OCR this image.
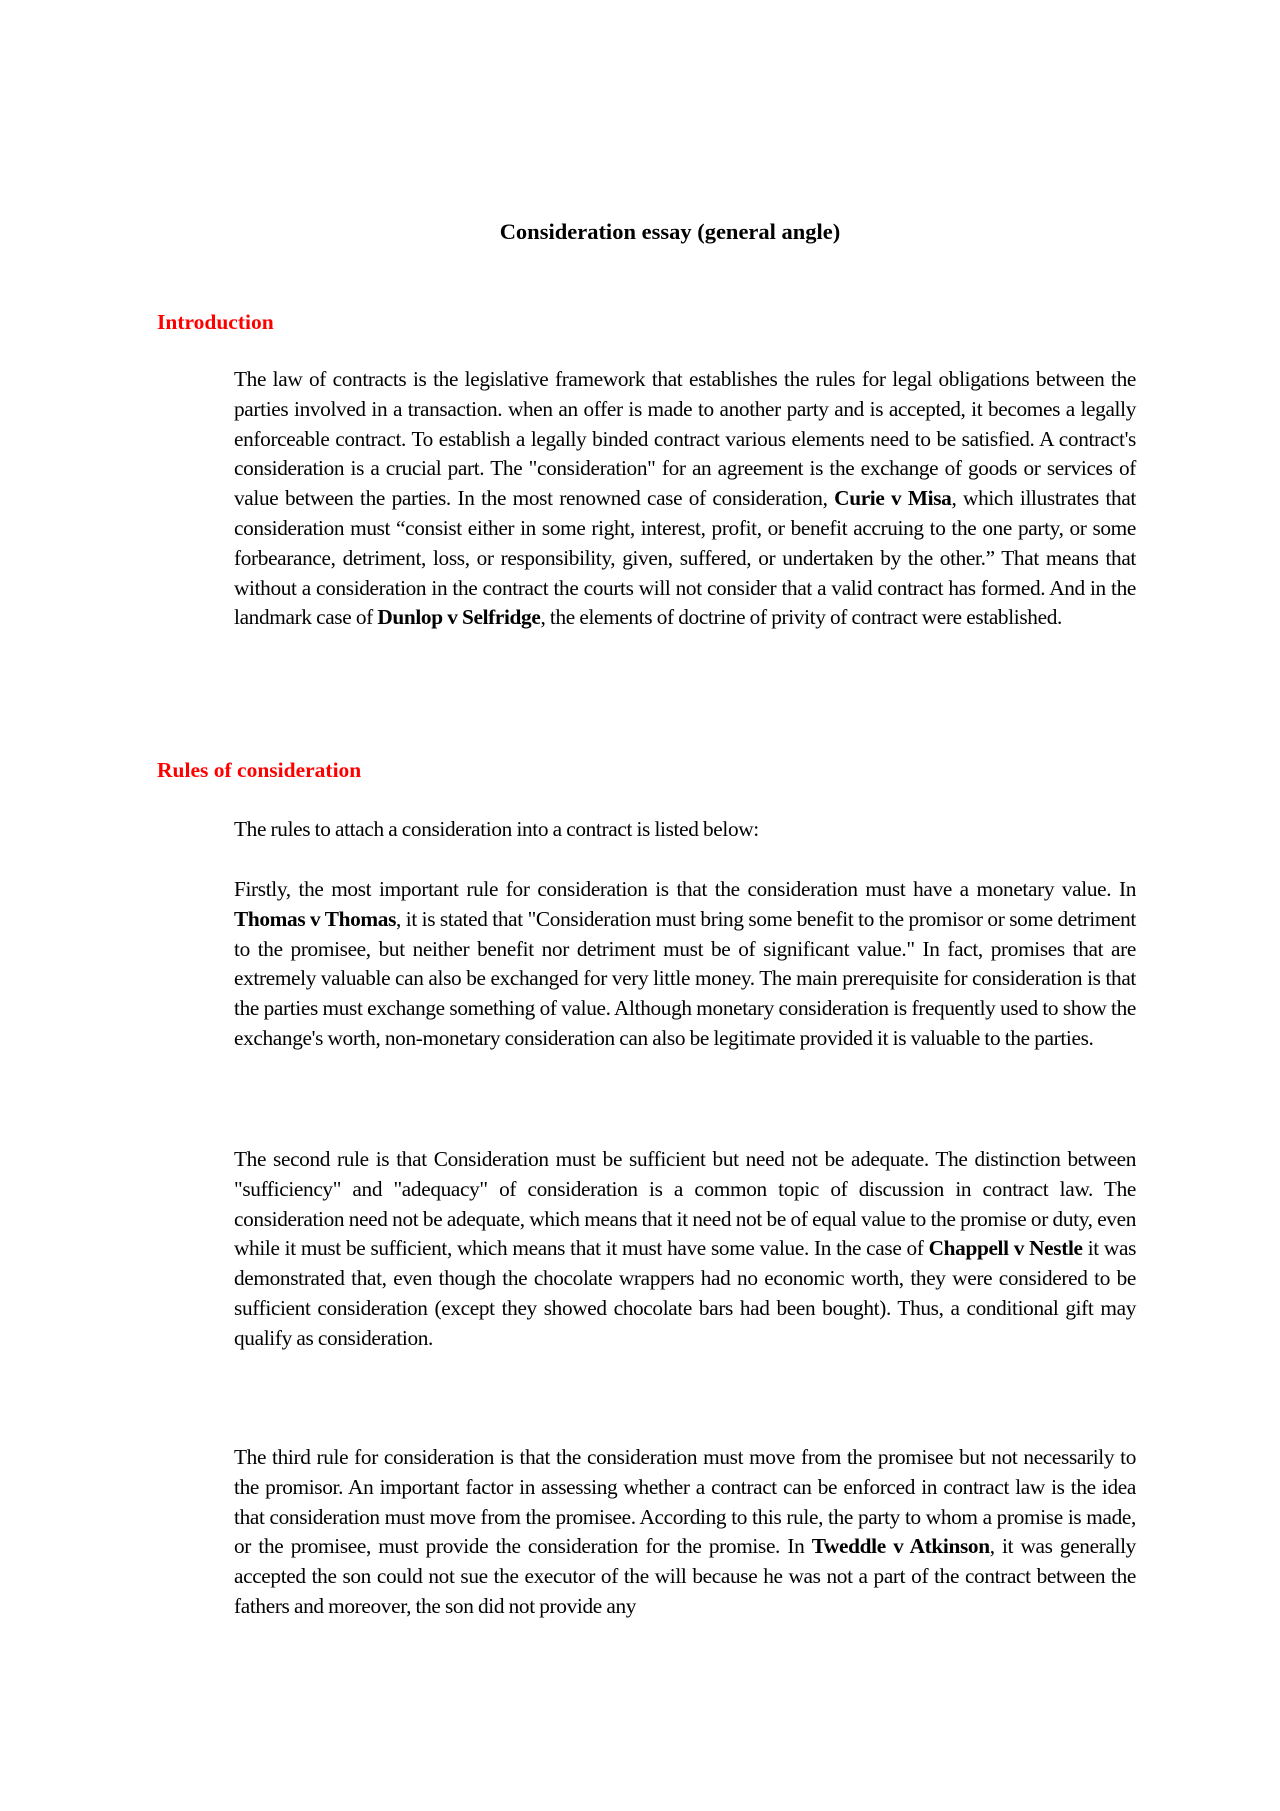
Consideration essay (general angle)
Introduction
The law of contracts is the legislative framework that establishes the rules for legal obligations between the parties involved in a transaction. when an offer is made to another party and is accepted, it becomes a legally enforceable contract. To establish a legally binded contract various elements need to be satisfied. A contract's consideration is a crucial part. The "consideration" for an agreement is the exchange of goods or services of value between the parties. In the most renowned case of consideration, Curie v Misa, which illustrates that consideration must “consist either in some right, interest, profit, or benefit accruing to the one party, or some forbearance, detriment, loss, or responsibility, given, suffered, or undertaken by the other.” That means that without a consideration in the contract the courts will not consider that a valid contract has formed. And in the landmark case of Dunlop v Selfridge, the elements of doctrine of privity of contract were established.
Rules of consideration
The rules to attach a consideration into a contract is listed below:
Firstly, the most important rule for consideration is that the consideration must have a monetary value. In Thomas v Thomas, it is stated that "Consideration must bring some benefit to the promisor or some detriment to the promisee, but neither benefit nor detriment must be of significant value." In fact, promises that are extremely valuable can also be exchanged for very little money. The main prerequisite for consideration is that the parties must exchange something of value. Although monetary consideration is frequently used to show the exchange's worth, non-monetary consideration can also be legitimate provided it is valuable to the parties.
The second rule is that Consideration must be sufficient but need not be adequate. The distinction between "sufficiency" and "adequacy" of consideration is a common topic of discussion in contract law. The consideration need not be adequate, which means that it need not be of equal value to the promise or duty, even while it must be sufficient, which means that it must have some value. In the case of Chappell v Nestle it was demonstrated that, even though the chocolate wrappers had no economic worth, they were considered to be sufficient consideration (except they showed chocolate bars had been bought). Thus, a conditional gift may qualify as consideration.
The third rule for consideration is that the consideration must move from the promisee but not necessarily to the promisor. An important factor in assessing whether a contract can be enforced in contract law is the idea that consideration must move from the promisee. According to this rule, the party to whom a promise is made, or the promisee, must provide the consideration for the promise. In Tweddle v Atkinson, it was generally accepted the son could not sue the executor of the will because he was not a part of the contract between the fathers and moreover, the son did not provide any
